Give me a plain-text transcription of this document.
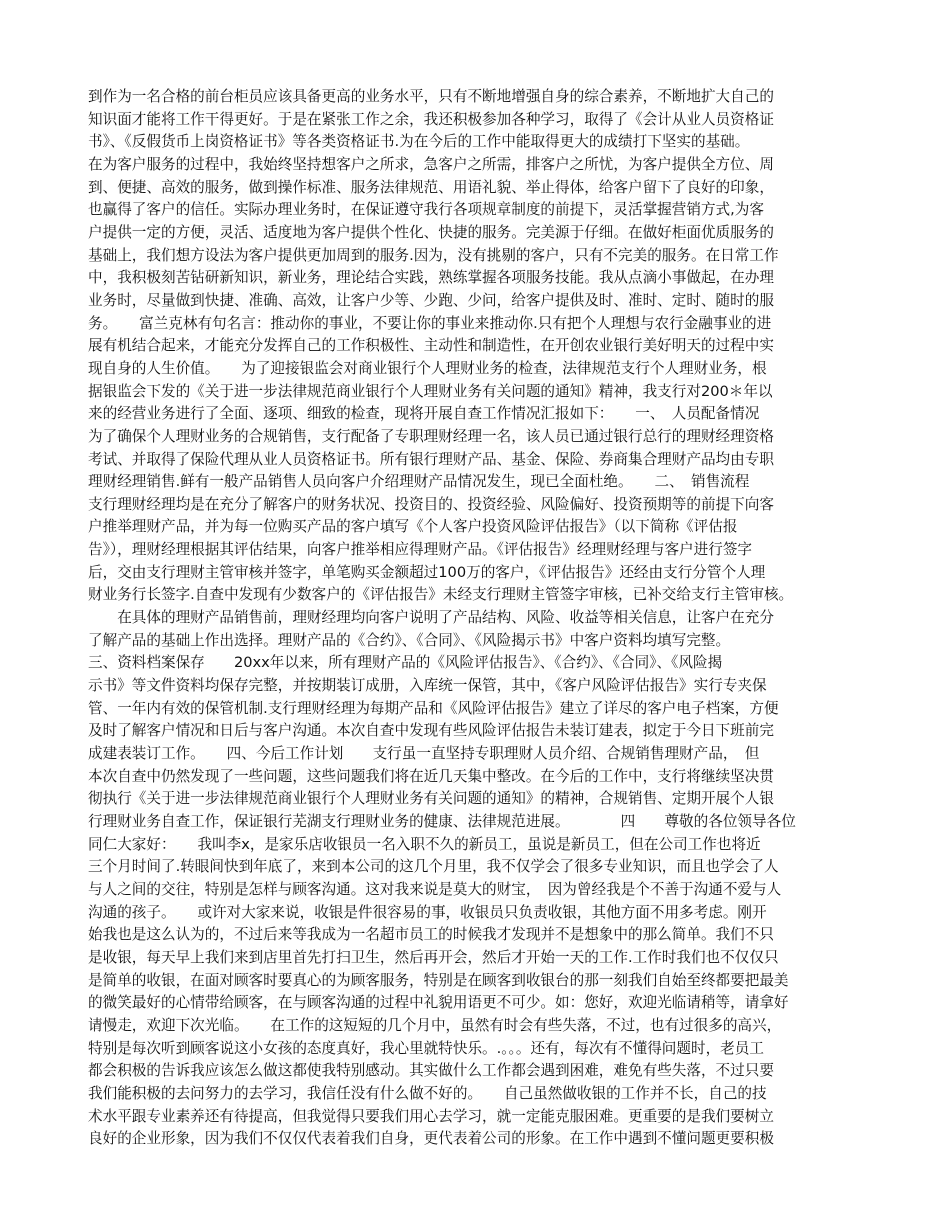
到作为一名合格的前台柜员应该具备更高的业务水平，只有不断地增强自身的综合素养，不断地扩大自己的
知识面才能将工作干得更好。于是在紧张工作之余，我还积极参加各种学习，取得了《会计从业人员资格证
书》、《反假货币上岗资格证书》等各类资格证书.为在今后的工作中能取得更大的成绩打下坚实的基础。
在为客户服务的过程中，我始终坚持想客户之所求，急客户之所需，排客户之所忧，为客户提供全方位、周
到、便捷、高效的服务，做到操作标准、服务法律规范、用语礼貌、举止得体，给客户留下了良好的印象，
也赢得了客户的信任。实际办理业务时，在保证遵守我行各项规章制度的前提下，灵活掌握营销方式,为客
户提供一定的方便，灵活、适度地为客户提供个性化、快捷的服务。完美源于仔细。在做好柜面优质服务的
基础上，我们想方设法为客户提供更加周到的服务.因为，没有挑剔的客户，只有不完美的服务。在日常工作
中，我积极刻苦钻研新知识，新业务，理论结合实践，熟练掌握各项服务技能。我从点滴小事做起，在办理
业务时，尽量做到快捷、准确、高效，让客户少等、少跑、少问，给客户提供及时、准时、定时、随时的服
务。　　富兰克林有句名言：推动你的事业，不要让你的事业来推动你.只有把个人理想与农行金融事业的进
展有机结合起来，才能充分发挥自己的工作积极性、主动性和制造性，在开创农业银行美好明天的过程中实
现自身的人生价值。　　为了迎接银监会对商业银行个人理财业务的检查，法律规范支行个人理财业务，根
据银监会下发的《关于进一步法律规范商业银行个人理财业务有关问题的通知》精神，我支行对200＊年以
来的经营业务进行了全面、逐项、细致的检查，现将开展自查工作情况汇报如下：　　一、　人员配备情况
为了确保个人理财业务的合规销售，支行配备了专职理财经理一名，该人员已通过银行总行的理财经理资格
考试、并取得了保险代理从业人员资格证书。所有银行理财产品、基金、保险、券商集合理财产品均由专职
理财经理销售.鲜有一般产品销售人员向客户介绍理财产品情况发生，现已全面杜绝。　　二、　销售流程
支行理财经理均是在充分了解客户的财务状况、投资目的、投资经验、风险偏好、投资预期等的前提下向客
户推举理财产品，并为每一位购买产品的客户填写《个人客户投资风险评估报告》（以下简称《评估报
告》），理财经理根据其评估结果，向客户推举相应得理财产品。《评估报告》经理财经理与客户进行签字
后，交由支行理财主管审核并签字，单笔购买金额超过100万的客户，《评估报告》还经由支行分管个人理
财业务行长签字.自查中发现有少数客户的《评估报告》未经支行理财主管签字审核，已补交给支行主管审核。
　　在具体的理财产品销售前，理财经理均向客户说明了产品结构、风险、收益等相关信息，让客户在充分
了解产品的基础上作出选择。理财产品的《合约》、《合同》、《风险揭示书》中客户资料均填写完整。
三、资料档案保存　　20xx年以来，所有理财产品的《风险评估报告》、《合约》、《合同》、《风险揭
示书》等文件资料均保存完整，并按期装订成册，入库统一保管，其中，《客户风险评估报告》实行专夹保
管、一年内有效的保管机制.支行理财经理为每期产品和《风险评估报告》建立了详尽的客户电子档案，方便
及时了解客户情况和日后与客户沟通。本次自查中发现有些风险评估报告未装订建表，拟定于今日下班前完
成建表装订工作。　　四、今后工作计划　　支行虽一直坚持专职理财人员介绍、合规销售理财产品，　但
本次自查中仍然发现了一些问题，这些问题我们将在近几天集中整改。在今后的工作中，支行将继续坚决贯
彻执行《关于进一步法律规范商业银行个人理财业务有关问题的通知》的精神，合规销售、定期开展个人银
行理财业务自查工作，保证银行芜湖支行理财业务的健康、法律规范进展。　　　　四　　尊敬的各位领导各位
同仁大家好：　　我叫李x，是家乐店收银员一名入职不久的新员工，虽说是新员工，但在公司工作也将近
三个月时间了.转眼间快到年底了，来到本公司的这几个月里，我不仅学会了很多专业知识，而且也学会了人
与人之间的交往，特别是怎样与顾客沟通。这对我来说是莫大的财宝，　因为曾经我是个不善于沟通不爱与人
沟通的孩子。　　或许对大家来说，收银是件很容易的事，收银员只负责收银，其他方面不用多考虑。刚开
始我也是这么认为的，不过后来等我成为一名超市员工的时候我才发现并不是想象中的那么简单。我们不只
是收银，每天早上我们来到店里首先打扫卫生，然后再开会，然后才开始一天的工作.工作时我们也不仅仅只
是简单的收银，在面对顾客时要真心的为顾客服务，特别是在顾客到收银台的那一刻我们自始至终都要把最美
的微笑最好的心情带给顾客，在与顾客沟通的过程中礼貌用语更不可少。如：您好，欢迎光临请稍等，请拿好
请慢走，欢迎下次光临。　　在工作的这短短的几个月中，虽然有时会有些失落，不过，也有过很多的高兴，
特别是每次听到顾客说这小女孩的态度真好，我心里就特快乐。.。。。还有，每次有不懂得问题时，老员工
都会积极的告诉我应该怎么做这都使我特别感动。其实做什么工作都会遇到困难，难免有些失落，不过只要
我们能积极的去问努力的去学习，我信任没有什么做不好的。　　自己虽然做收银的工作并不长，自己的技
术水平跟专业素养还有待提高，但我觉得只要我们用心去学习，就一定能克服困难。更重要的是我们要树立
良好的企业形象，因为我们不仅仅代表着我们自身，更代表着公司的形象。在工作中遇到不懂问题更要积极
